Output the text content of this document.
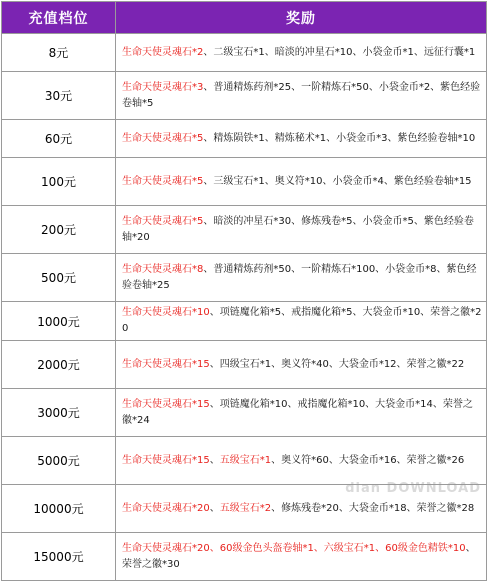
充值档位	奖励
8元	生命天使灵魂石*2、二级宝石*1、暗淡的冲星石*10、小袋金币*1、远征行囊*1
30元	生命天使灵魂石*3、普通精炼药剂*25、一阶精炼石*50、小袋金币*2、紫色经验卷轴*5
60元	生命天使灵魂石*5、精炼陨铁*1、精炼秘术*1、小袋金币*3、紫色经验卷轴*10
100元	生命天使灵魂石*5、三级宝石*1、奥义符*10、小袋金币*4、紫色经验卷轴*15
200元	生命天使灵魂石*5、暗淡的冲星石*30、修炼残卷*5、小袋金币*5、紫色经验卷轴*20
500元	生命天使灵魂石*8、普通精炼药剂*50、一阶精炼石*100、小袋金币*8、紫色经验卷轴*25
1000元	生命天使灵魂石*10、项链魔化箱*5、戒指魔化箱*5、大袋金币*10、荣誉之徽*20
2000元	生命天使灵魂石*15、四级宝石*1、奥义符*40、大袋金币*12、荣誉之徽*22
3000元	生命天使灵魂石*15、项链魔化箱*10、戒指魔化箱*10、大袋金币*14、荣誉之徽*24
5000元	生命天使灵魂石*15、五级宝石*1、奥义符*60、大袋金币*16、荣誉之徽*26
10000元	生命天使灵魂石*20、五级宝石*2、修炼残卷*20、大袋金币*18、荣誉之徽*28
15000元	生命天使灵魂石*20、60级金色头盔卷轴*1、六级宝石*1、60级金色精铁*10、荣誉之徽*30
dian DOWNLOAD
